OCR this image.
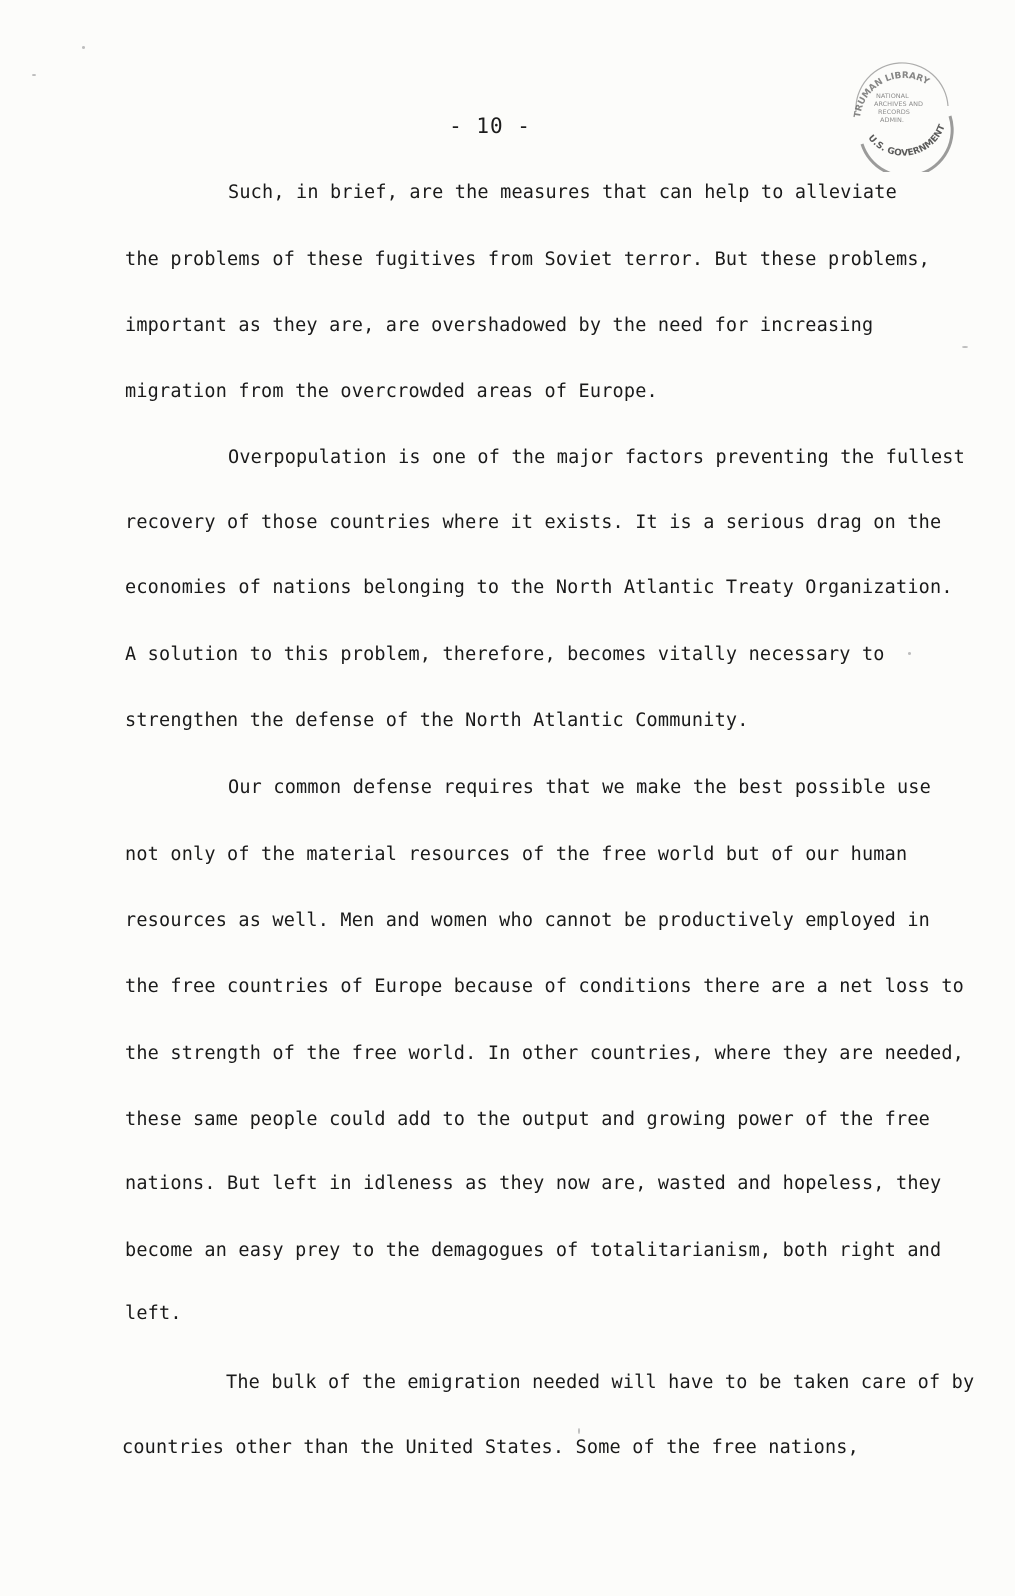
TRUMAN LIBRARY
U.S. GOVERNMENT
NATIONAL
ARCHIVES AND
RECORDS
ADMIN.
- 10 -
Such, in brief, are the measures that can help to alleviate
the problems of these fugitives from Soviet terror. But these problems,
important as they are, are overshadowed by the need for increasing
migration from the overcrowded areas of Europe.
Overpopulation is one of the major factors preventing the fullest
recovery of those countries where it exists. It is a serious drag on the
economies of nations belonging to the North Atlantic Treaty Organization.
A solution to this problem, therefore, becomes vitally necessary to
strengthen the defense of the North Atlantic Community.
Our common defense requires that we make the best possible use
not only of the material resources of the free world but of our human
resources as well. Men and women who cannot be productively employed in
the free countries of Europe because of conditions there are a net loss to
the strength of the free world. In other countries, where they are needed,
these same people could add to the output and growing power of the free
nations. But left in idleness as they now are, wasted and hopeless, they
become an easy prey to the demagogues of totalitarianism, both right and
left.
The bulk of the emigration needed will have to be taken care of by
countries other than the United States. Some of the free nations,
